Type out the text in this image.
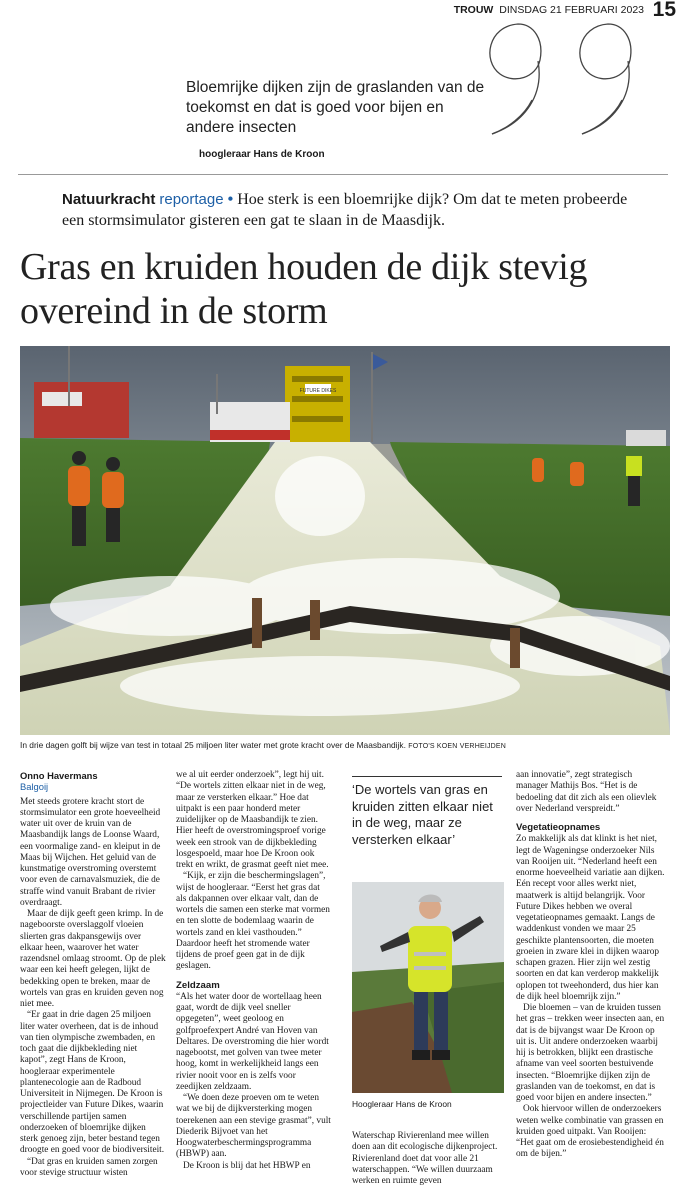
TROUW DINSDAG 21 FEBRUARI 2023 15
Bloemrijke dijken zijn de graslanden van de toekomst en dat is goed voor bijen en andere insecten
hoogleraar Hans de Kroon
Natuurkracht reportage • Hoe sterk is een bloemrijke dijk? Om dat te meten probeerde een stormsimulator gisteren een gat te slaan in de Maasdijk.
Gras en kruiden houden de dijk stevig overeind in de storm
FUTURE DIKES
In drie dagen golft bij wijze van test in totaal 25 miljoen liter water met grote kracht over de Maasbandijk. FOTO'S KOEN VERHEIJDEN
Onno Havermans
Balgoij

Met steeds grotere kracht stort de stormsimulator een grote hoeveelheid water uit over de kruin van de Maasbandijk langs de Loonse Waard, een voormalige zand- en kleiput in de Maas bij Wijchen. Het geluid van de kunstmatige overstroming overstemt voor even de carnavalsmuziek, die de straffe wind vanuit Brabant de rivier overdraagt.

Maar de dijk geeft geen krimp. In de nageboorste overslaggolf vloeien slierten gras dakpansgewijs over elkaar heen, waarover het water razendsnel omlaag stroomt. Op de plek waar een kei heeft gelegen, lijkt de bedekking open te breken, maar de wortels van gras en kruiden geven nog niet mee.

“Er gaat in drie dagen 25 miljoen liter water overheen, dat is de inhoud van tien olympische zwembaden, en toch gaat die dijkbekleding niet kapot”, zegt Hans de Kroon, hoogleraar experimentele plantenecologie aan de Radboud Universiteit in Nijmegen. De Kroon is projectleider van Future Dikes, waarin verschillende partijen samen onderzoeken of bloemrijke dijken sterk genoeg zijn, beter bestand tegen droogte en goed voor de biodiversiteit.

“Dat gras en kruiden samen zorgen voor stevige structuur wisten

we al uit eerder onderzoek”, legt hij uit. “De wortels zitten elkaar niet in de weg, maar ze versterken elkaar.” Hoe dat uitpakt is een paar honderd meter zuidelijker op de Maasbandijk te zien. Hier heeft de overstromingsproef vorige week een strook van de dijkbekleding losgespoeld, maar hoe De Kroon ook trekt en wrikt, de grasmat geeft niet mee.

“Kijk, er zijn die beschermingslagen”, wijst de hoogleraar. “Eerst het gras dat als dakpannen over elkaar valt, dan de wortels die samen een sterke mat vormen en ten slotte de bodemlaag waarin de wortels zand en klei vasthouden.” Daardoor heeft het stromende water tijdens de proef geen gat in de dijk geslagen.

Zeldzaam

“Als het water door de wortellaag heen gaat, wordt de dijk veel sneller opgegeten”, weet geoloog en golfproefexpert André van Hoven van Deltares. De overstroming die hier wordt nagebootst, met golven van twee meter hoog, komt in werkelijkheid langs een rivier nooit voor en is zelfs voor zeedijken zeldzaam.

“We doen deze proeven om te weten wat we bij de dijkversterking mogen toerekenen aan een stevige grasmat”, vult Diederik Bijvoet van het Hoogwaterbeschermingsprogramma (HBWP) aan.

De Kroon is blij dat het HBWP en

‘De wortels van gras en kruiden zitten elkaar niet in de weg, maar ze versterken elkaar’
Hoogleraar Hans de Kroon
Waterschap Rivierenland mee willen doen aan dit ecologische dijkenproject. Rivierenland doet dat voor alle 21 waterschappen. “We willen duurzaam werken en ruimte geven

aan innovatie”, zegt strategisch manager Mathijs Bos. “Het is de bedoeling dat dit zich als een olievlek over Nederland verspreidt.”

Vegetatieopnames

Zo makkelijk als dat klinkt is het niet, legt de Wageningse onderzoeker Nils van Rooijen uit. “Nederland heeft een enorme hoeveelheid variatie aan dijken. Eén recept voor alles werkt niet, maatwerk is altijd belangrijk. Voor Future Dikes hebben we overal vegetatieopnames gemaakt. Langs de waddenkust vonden we maar 25 geschikte plantensoorten, die moeten groeien in zware klei in dijken waarop schapen grazen. Hier zijn wel zestig soorten en dat kan verderop makkelijk oplopen tot tweehonderd, dus hier kan de dijk heel bloemrijk zijn.”

Die bloemen – van de kruiden tussen het gras – trekken weer insecten aan, en dat is de bijvangst waar De Kroon op uit is. Uit andere onderzoeken waarbij hij is betrokken, blijkt een drastische afname van veel soorten bestuivende insecten. “Bloemrijke dijken zijn de graslanden van de toekomst, en dat is goed voor bijen en andere insecten.”

Ook hiervoor willen de onderzoekers weten welke combinatie van grassen en kruiden goed uitpakt. Van Rooijen: “Het gaat om de erosiebestendigheid én om de bijen.”
